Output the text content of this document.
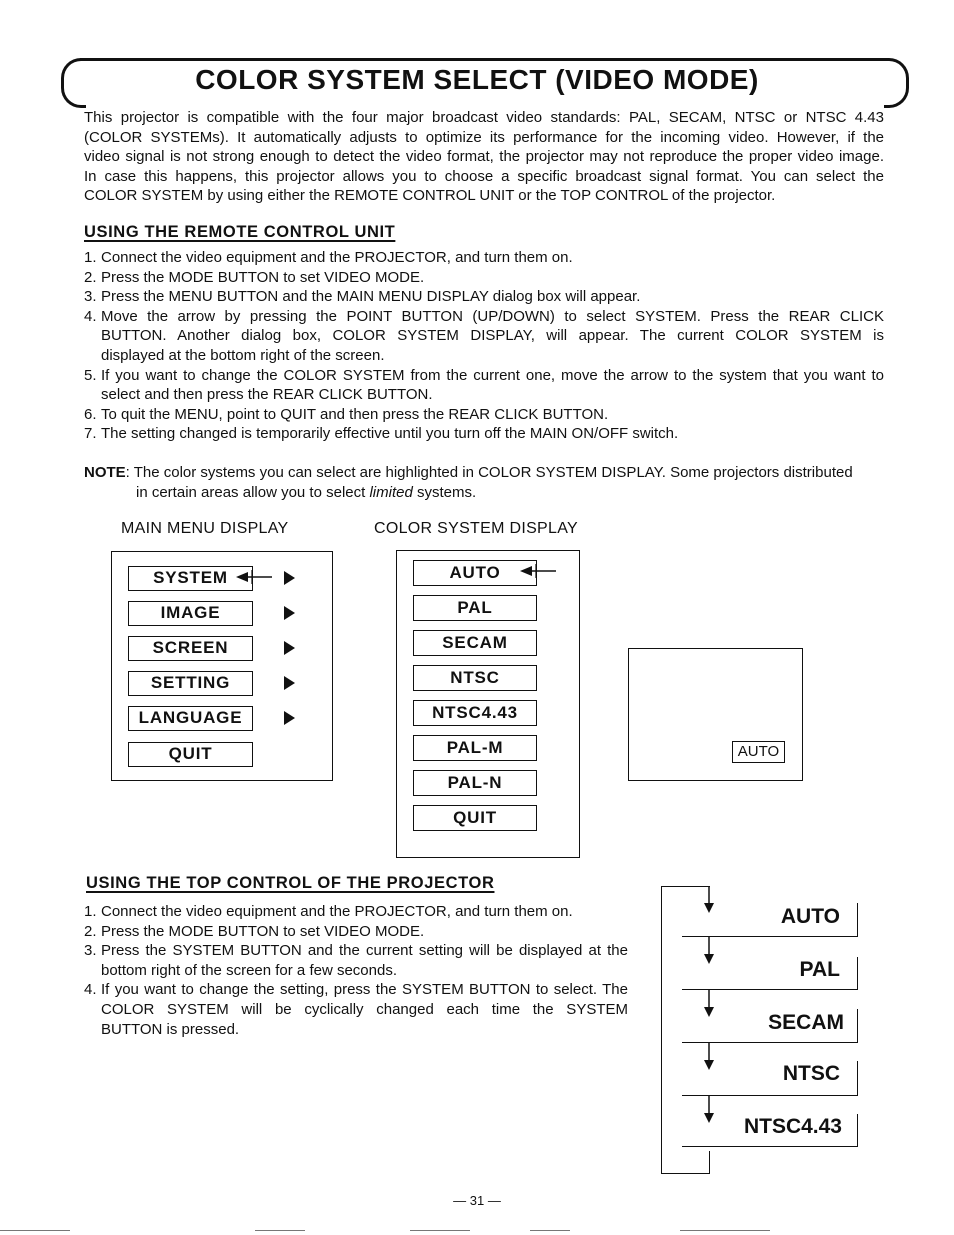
COLOR SYSTEM SELECT (VIDEO MODE)
This projector is compatible with the four major broadcast video standards: PAL, SECAM, NTSC or NTSC 4.43
(COLOR SYSTEMs). It automatically adjusts to optimize its performance for the incoming video. However, if the
video signal is not strong enough to detect the video format, the projector may not reproduce the proper video image.
In case this happens, this projector allows you to choose a specific broadcast signal format. You can select the
COLOR SYSTEM by using either the REMOTE CONTROL UNIT or the TOP CONTROL of the projector.
USING THE REMOTE CONTROL UNIT
1. Connect the video equipment and the PROJECTOR, and turn them on.
2. Press the MODE BUTTON to set VIDEO MODE.
3. Press the MENU BUTTON and the MAIN MENU DISPLAY dialog box will appear.
4. Move the arrow by pressing the POINT BUTTON (UP/DOWN) to select SYSTEM. Press the REAR CLICK
BUTTON. Another dialog box, COLOR SYSTEM DISPLAY, will appear. The current COLOR SYSTEM is
displayed at the bottom right of the screen.
5. If you want to change the COLOR SYSTEM from the current one, move the arrow to the system that you want to
select and then press the REAR CLICK BUTTON.
6. To quit the MENU, point to QUIT and then press the REAR CLICK BUTTON.
7. The setting changed is temporarily effective until you turn off the MAIN ON/OFF switch.
NOTE: The color systems you can select are highlighted in COLOR SYSTEM DISPLAY. Some projectors distributed
in certain areas allow you to select limited systems.
MAIN MENU DISPLAY	COLOR SYSTEM DISPLAY
SYSTEM
IMAGE
SCREEN
SETTING
LANGUAGE
QUIT
AUTO
PAL
SECAM
NTSC
NTSC4.43
PAL-M
PAL-N
QUIT
AUTO
USING THE TOP CONTROL OF THE PROJECTOR
1. Connect the video equipment and the PROJECTOR, and turn them on.
2. Press the MODE BUTTON to set VIDEO MODE.
3. Press the SYSTEM BUTTON and the current setting will be displayed at the
bottom right of the screen for a few seconds.
4. If you want to change the setting, press the SYSTEM BUTTON to select. The
COLOR SYSTEM will be cyclically changed each time the SYSTEM
BUTTON is pressed.
AUTO
PAL
SECAM
NTSC
NTSC4.43
— 31 —
